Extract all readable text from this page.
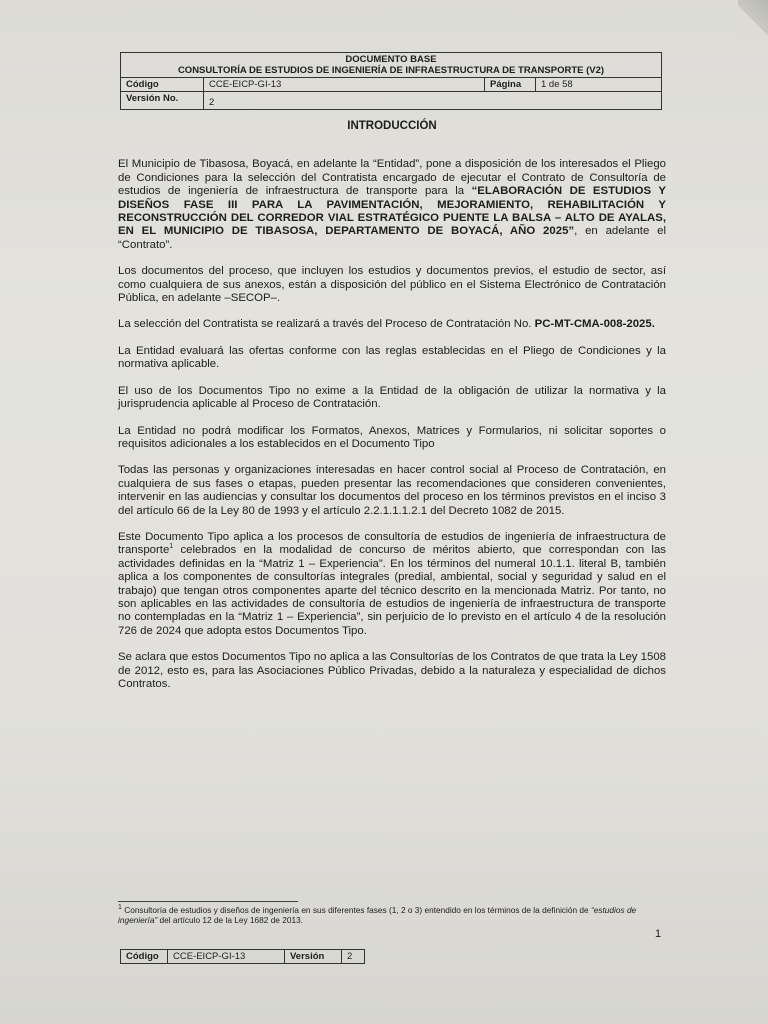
DOCUMENTO BASE
CONSULTORÍA DE ESTUDIOS DE INGENIERÍA DE INFRAESTRUCTURA DE TRANSPORTE (V2)			

Código	CCE-EICP-GI-13	Página	1 de 58
Versión No.	2		
INTRODUCCIÓN

El Municipio de Tibasosa, Boyacá, en adelante la “Entidad”, pone a disposición de los interesados el Pliego de Condiciones para la selección del Contratista encargado de ejecutar el Contrato de Consultoría de estudios de ingeniería de infraestructura de transporte para la “ELABORACIÓN DE ESTUDIOS Y DISEÑOS FASE III PARA LA PAVIMENTACIÓN, MEJORAMIENTO, REHABILITACIÓN Y RECONSTRUCCIÓN DEL CORREDOR VIAL ESTRATÉGICO PUENTE LA BALSA – ALTO DE AYALAS, EN EL MUNICIPIO DE TIBASOSA, DEPARTAMENTO DE BOYACÁ, AÑO 2025”, en adelante el “Contrato”.

Los documentos del proceso, que incluyen los estudios y documentos previos, el estudio de sector, así como cualquiera de sus anexos, están a disposición del público en el Sistema Electrónico de Contratación Pública, en adelante –SECOP–.

La selección del Contratista se realizará a través del Proceso de Contratación No. PC-MT-CMA-008-2025.

La Entidad evaluará las ofertas conforme con las reglas establecidas en el Pliego de Condiciones y la normativa aplicable.

El uso de los Documentos Tipo no exime a la Entidad de la obligación de utilizar la normativa y la jurisprudencia aplicable al Proceso de Contratación.

La Entidad no podrá modificar los Formatos, Anexos, Matrices y Formularios, ni solicitar soportes o requisitos adicionales a los establecidos en el Documento Tipo

Todas las personas y organizaciones interesadas en hacer control social al Proceso de Contratación, en cualquiera de sus fases o etapas, pueden presentar las recomendaciones que consideren convenientes, intervenir en las audiencias y consultar los documentos del proceso en los términos previstos en el inciso 3 del artículo 66 de la Ley 80 de 1993 y el artículo 2.2.1.1.1.2.1 del Decreto 1082 de 2015.

Este Documento Tipo aplica a los procesos de consultoría de estudios de ingeniería de infraestructura de transporte$^1$ celebrados en la modalidad de concurso de méritos abierto, que correspondan con las actividades definidas en la “Matriz 1 – Experiencia”. En los términos del numeral 10.1.1. literal B, también aplica a los componentes de consultorías integrales (predial, ambiental, social y seguridad y salud en el trabajo) que tengan otros componentes aparte del técnico descrito en la mencionada Matriz. Por tanto, no son aplicables en las actividades de consultoría de estudios de ingeniería de infraestructura de transporte no contempladas en la “Matriz 1 – Experiencia”, sin perjuicio de lo previsto en el artículo 4 de la resolución 726 de 2024 que adopta estos Documentos Tipo.

Se aclara que estos Documentos Tipo no aplica a las Consultorías de los Contratos de que trata la Ley 1508 de 2012, esto es, para las Asociaciones Público Privadas, debido a la naturaleza y especialidad de dichos Contratos.

$^1$ Consultoría de estudios y diseños de ingeniería en sus diferentes fases (1, 2 o 3) entendido en los términos de la definición de “estudios de ingeniería” del artículo 12 de la Ley 1682 de 2013.
1
Código	CCE-EICP-GI-13	Versión	2
